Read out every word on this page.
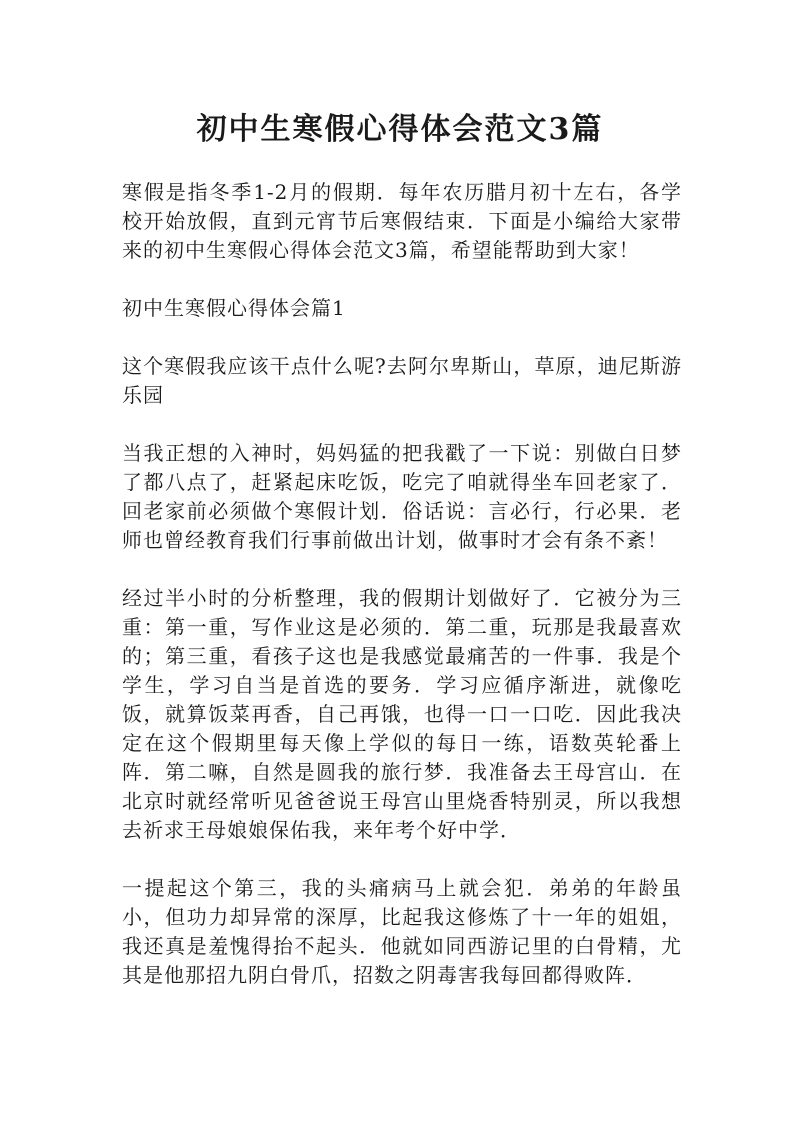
初中生寒假心得体会范文3篇

寒假是指冬季1-2月的假期．每年农历腊月初十左右，各学校开始放假，直到元宵节后寒假结束．下面是小编给大家带来的初中生寒假心得体会范文3篇，希望能帮助到大家！

初中生寒假心得体会篇1

这个寒假我应该干点什么呢?去阿尔卑斯山，草原，迪尼斯游乐园

当我正想的入神时，妈妈猛的把我戳了一下说：别做白日梦了都八点了，赶紧起床吃饭，吃完了咱就得坐车回老家了．回老家前必须做个寒假计划．俗话说：言必行，行必果．老师也曾经教育我们行事前做出计划，做事时才会有条不紊！

经过半小时的分析整理，我的假期计划做好了．它被分为三重：第一重，写作业这是必须的．第二重，玩那是我最喜欢的；第三重，看孩子这也是我感觉最痛苦的一件事．我是个学生，学习自当是首选的要务．学习应循序渐进，就像吃饭，就算饭菜再香，自己再饿，也得一口一口吃．因此我决定在这个假期里每天像上学似的每日一练，语数英轮番上阵．第二嘛，自然是圆我的旅行梦．我准备去王母宫山．在北京时就经常听见爸爸说王母宫山里烧香特别灵，所以我想去祈求王母娘娘保佑我，来年考个好中学．

一提起这个第三，我的头痛病马上就会犯．弟弟的年龄虽小，但功力却异常的深厚，比起我这修炼了十一年的姐姐，我还真是羞愧得抬不起头．他就如同西游记里的白骨精，尤其是他那招九阴白骨爪，招数之阴毒害我每回都得败阵．
